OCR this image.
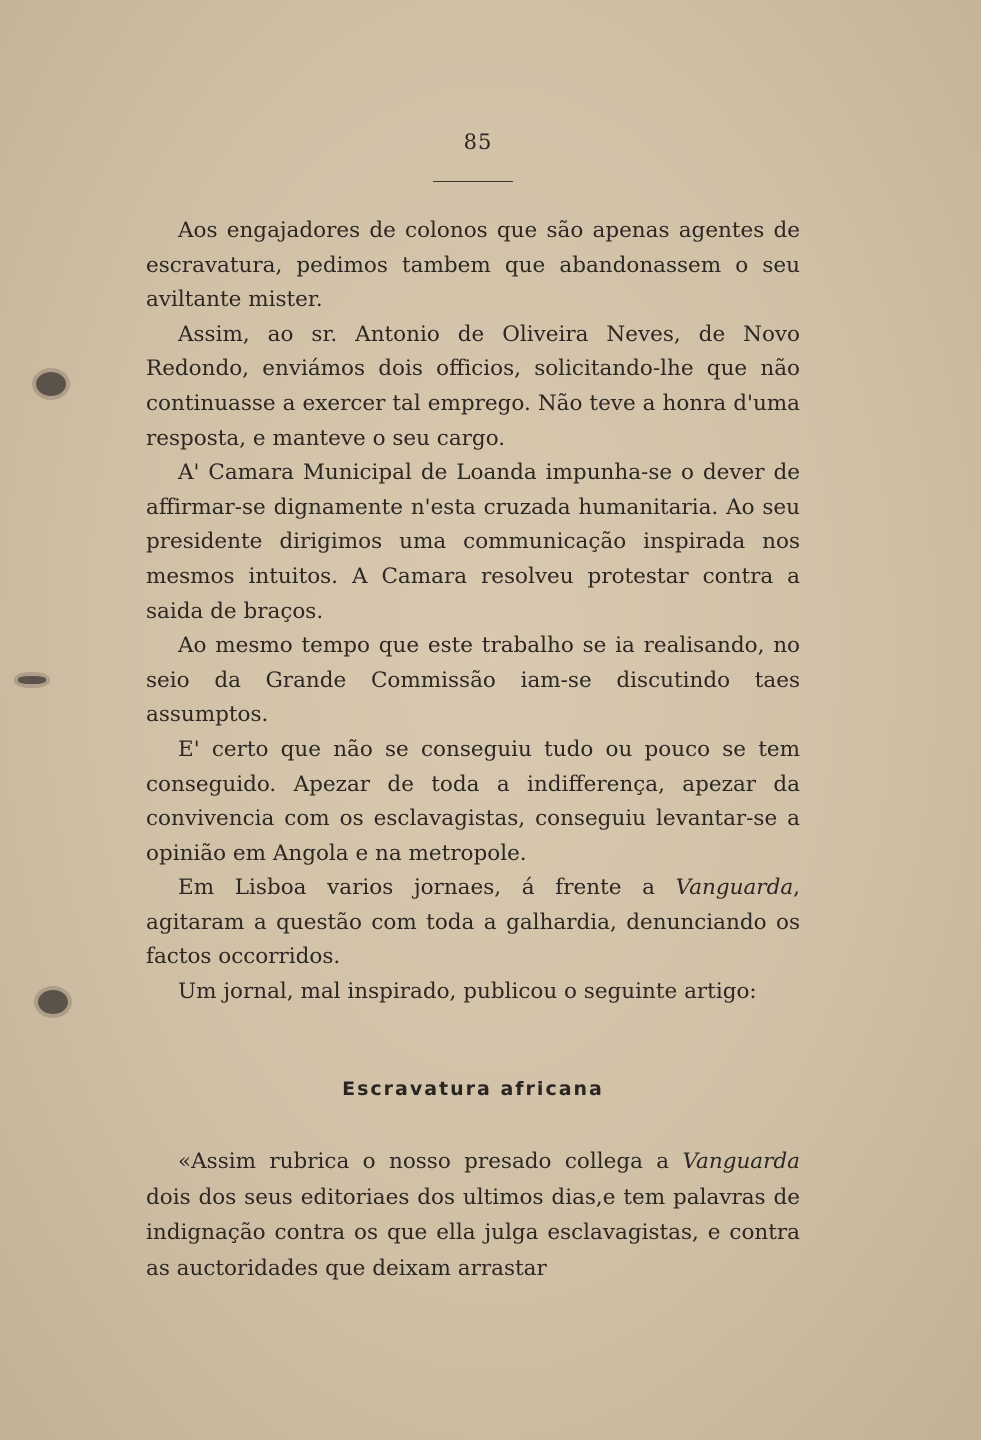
85

Aos engajadores de colonos que são apenas agentes de escravatura, pedimos tambem que abandonassem o seu aviltante mister.

Assim, ao sr. Antonio de Oliveira Neves, de Novo Redondo, enviámos dois officios, solicitando-lhe que não continuasse a exercer tal emprego. Não teve a honra d'uma resposta, e manteve o seu cargo.

A' Camara Municipal de Loanda impunha-se o dever de affirmar-se dignamente n'esta cruzada humanitaria. Ao seu presidente dirigimos uma communicação inspirada nos mesmos intuitos. A Camara resolveu protestar contra a saida de braços.

Ao mesmo tempo que este trabalho se ia realisando, no seio da Grande Commissão iam-se discutindo taes assumptos.

E' certo que não se conseguiu tudo ou pouco se tem conseguido. Apezar de toda a indifferença, apezar da convivencia com os esclavagistas, conseguiu levantar-se a opinião em Angola e na metropole.

Em Lisboa varios jornaes, á frente a Vanguarda, agitaram a questão com toda a galhardia, denunciando os factos occorridos.

Um jornal, mal inspirado, publicou o seguinte artigo:

Escravatura africana

«Assim rubrica o nosso presado collega a Vanguarda dois dos seus editoriaes dos ultimos dias,e tem palavras de indignação contra os que ella julga esclavagistas, e contra as auctoridades que deixam arrastar
